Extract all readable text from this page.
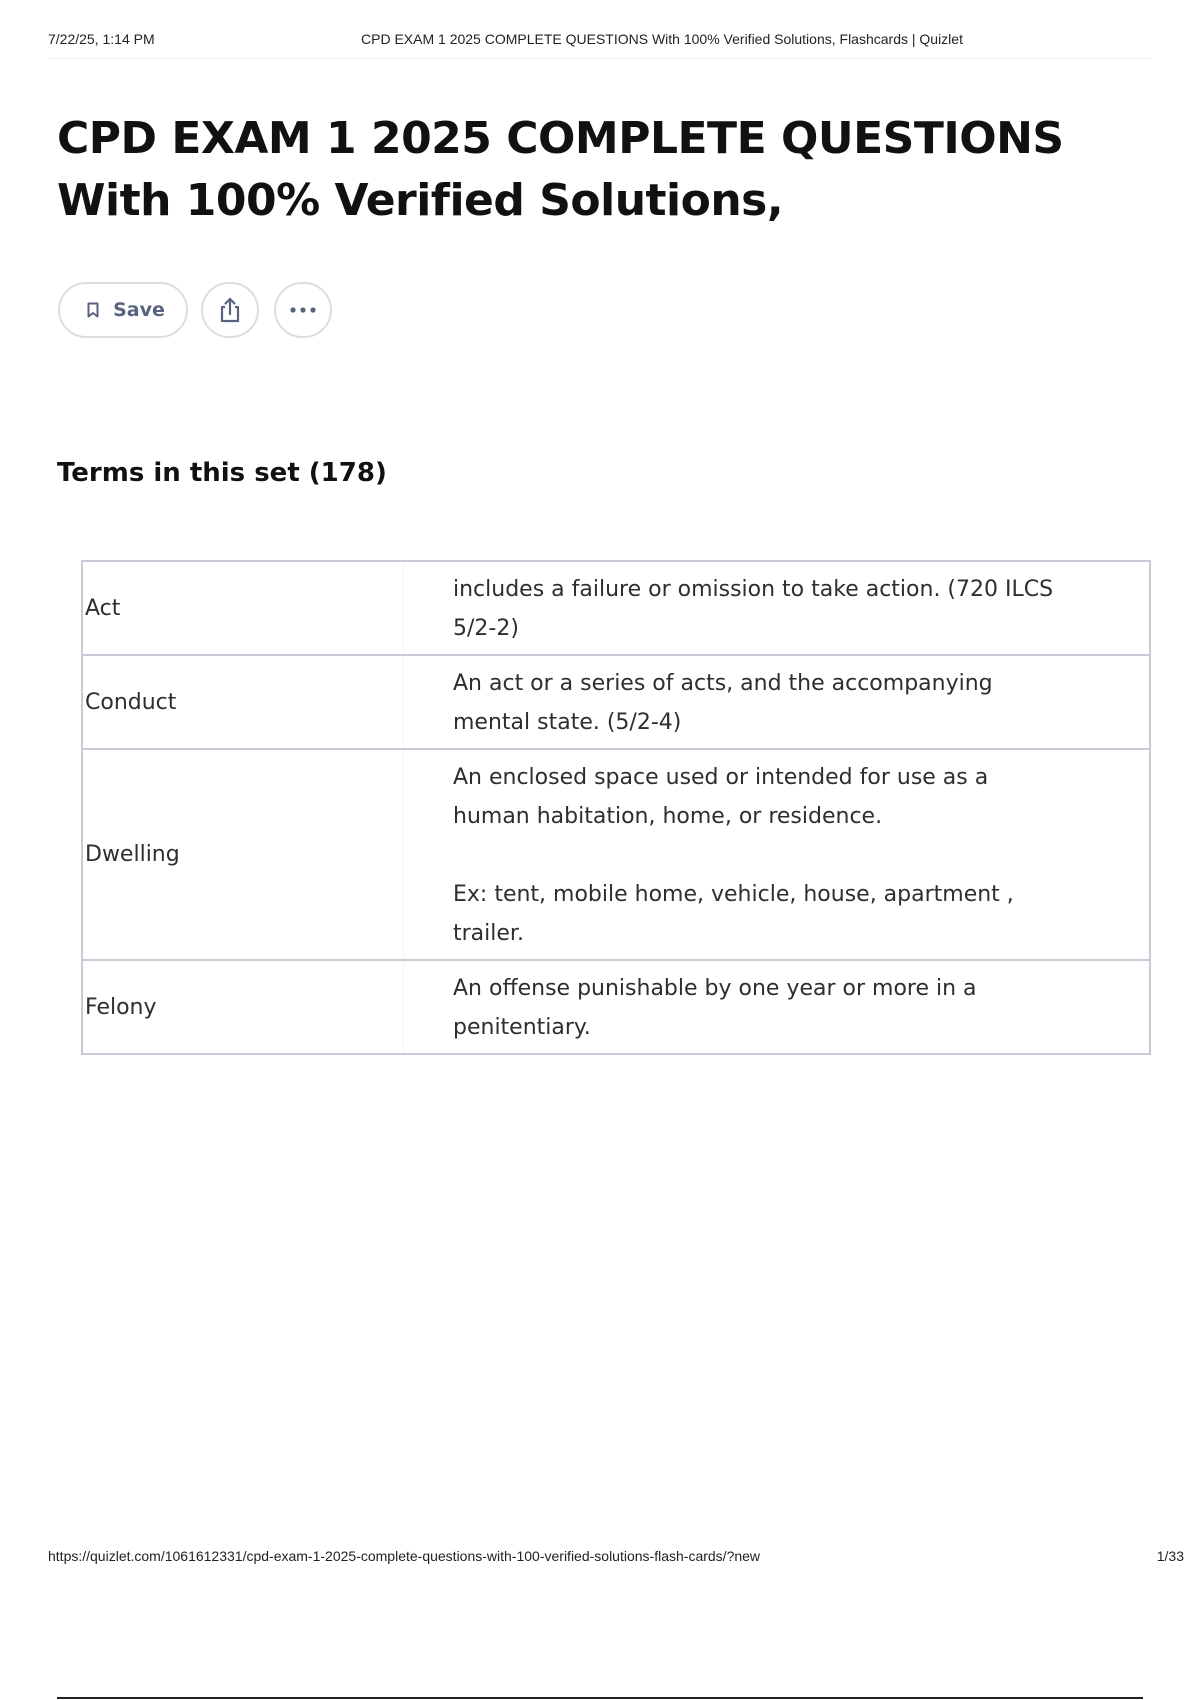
7/22/25, 1:14 PM	CPD EXAM 1 2025 COMPLETE QUESTIONS With 100% Verified Solutions, Flashcards | Quizlet
CPD EXAM 1 2025 COMPLETE QUESTIONS With 100% Verified Solutions,
Save
Terms in this set (178)
Act
includes a failure or omission to take action. (720 ILCS 5/2-2)
Conduct
An act or a series of acts, and the accompanying mental state. (5/2-4)
Dwelling
An enclosed space used or intended for use as a human habitation, home, or residence.

Ex: tent, mobile home, vehicle, house, apartment , trailer.
Felony
An offense punishable by one year or more in a penitentiary.
https://quizlet.com/1061612331/cpd-exam-1-2025-complete-questions-with-100-verified-solutions-flash-cards/?new	1/33
